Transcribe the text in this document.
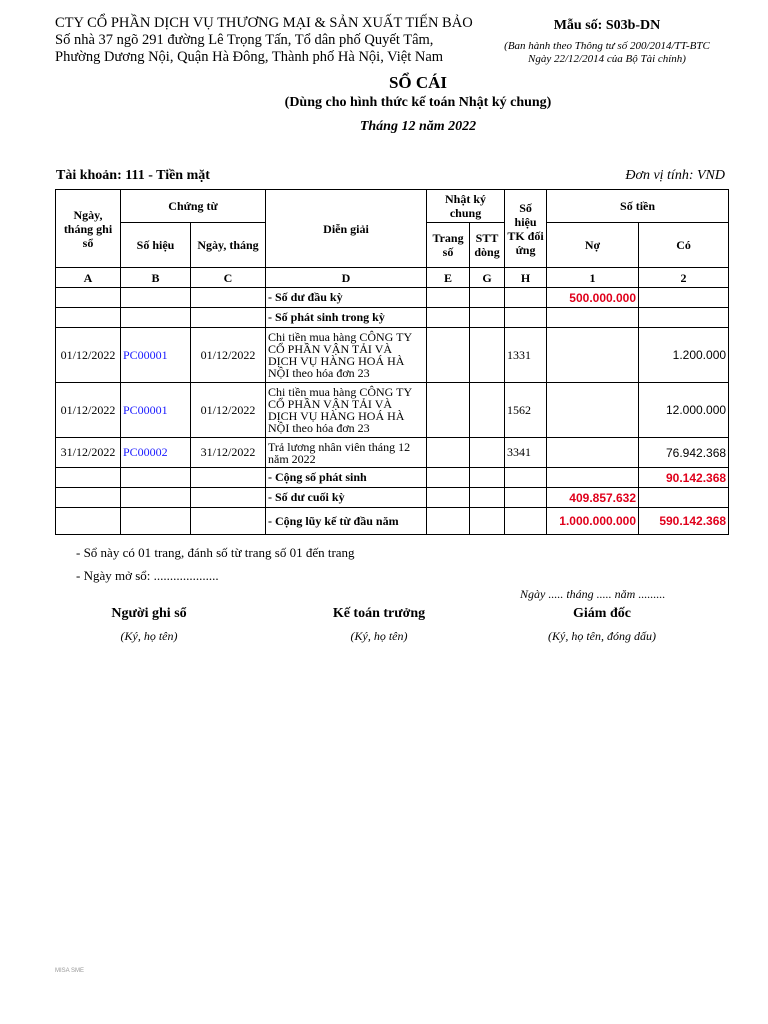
CTY CỔ PHẦN DỊCH VỤ THƯƠNG MẠI & SẢN XUẤT TIẾN BẢO
Số nhà 37 ngõ 291 đường Lê Trọng Tấn, Tổ dân phố Quyết Tâm,
Phường Dương Nội, Quận Hà Đông, Thành phố Hà Nội, Việt Nam
Mẫu số: S03b-DN
(Ban hành theo Thông tư số 200/2014/TT-BTC
Ngày 22/12/2014 của Bộ Tài chính)
SỔ CÁI
(Dùng cho hình thức kế toán Nhật ký chung)
Tháng 12 năm 2022
Tài khoản: 111 - Tiền mặt	Đơn vị tính: VND
Ngày, tháng ghi sổ	Chứng từ		Diễn giải	Nhật ký chung		Số hiệu TK đối ứng	Số tiền	
	Số hiệu	Ngày, tháng		Trang số	STT dòng		Nợ	Có
A	B	C	D	E	G	H	1	2
			- Số dư đầu kỳ				500.000.000	
			- Số phát sinh trong kỳ					
01/12/2022	PC00001	01/12/2022	Chi tiền mua hàng CÔNG TY CỔ PHẦN VẬN TẢI VÀ DỊCH VỤ HÀNG HOÁ HÀ NỘI theo hóa đơn 23			1331		1.200.000
01/12/2022	PC00001	01/12/2022	Chi tiền mua hàng CÔNG TY CỔ PHẦN VẬN TẢI VÀ DỊCH VỤ HÀNG HOÁ HÀ NỘI theo hóa đơn 23			1562		12.000.000
31/12/2022	PC00002	31/12/2022	Trả lương nhân viên tháng 12 năm 2022			3341		76.942.368
			- Cộng số phát sinh					90.142.368
			- Số dư cuối kỳ				409.857.632	
			- Cộng lũy kế từ đầu năm				1.000.000.000	590.142.368
- Sổ này có 01 trang, đánh số từ trang số 01 đến trang
- Ngày mở sổ: ....................
Ngày ..... tháng ..... năm .........
Người ghi sổ
(Ký, họ tên)
Kế toán trưởng
(Ký, họ tên)
Giám đốc
(Ký, họ tên, đóng dấu)
MISA SME
